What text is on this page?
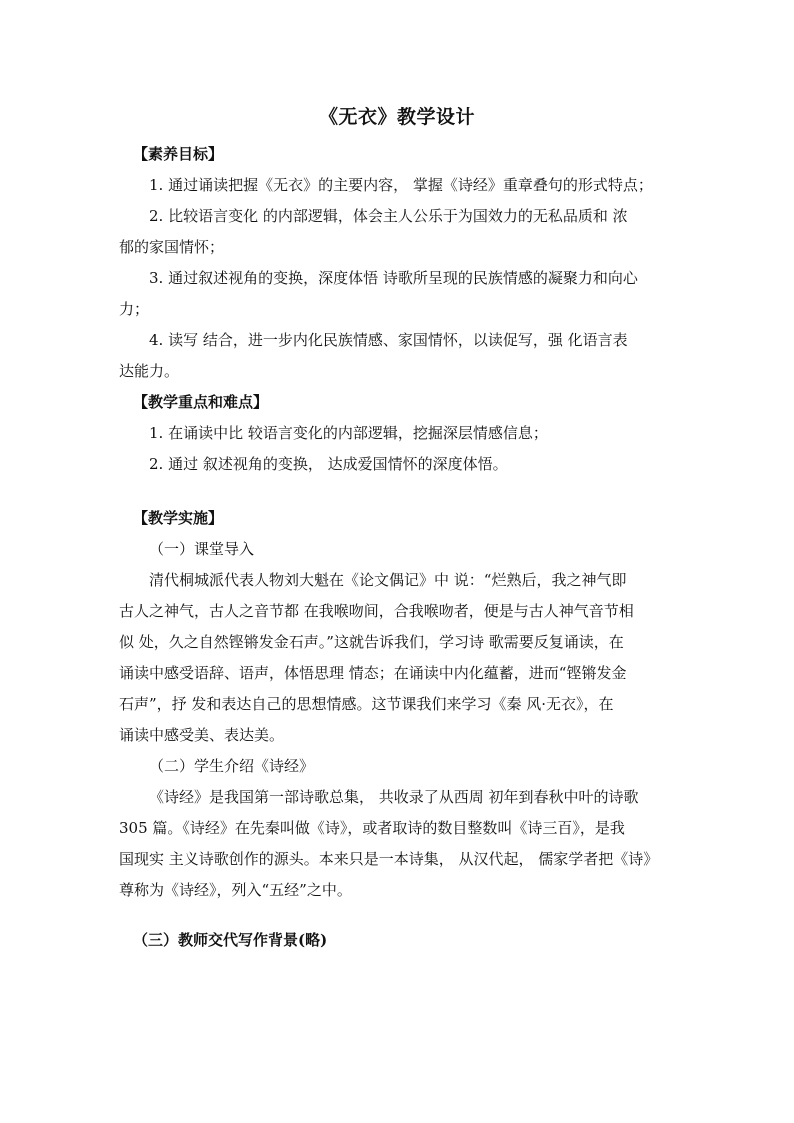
《无衣》教学设计
【素养目标】
1. 通过诵读把握《无衣》的主要内容， 掌握《诗经》重章叠句的形式特点；
2. 比较语言变化 的内部逻辑，体会主人公乐于为国效力的无私品质和 浓
郁的家国情怀；
3. 通过叙述视角的变换，深度体悟 诗歌所呈现的民族情感的凝聚力和向心
力；
4. 读写 结合，进一步内化民族情感、家国情怀，以读促写，强 化语言表
达能力。
【教学重点和难点】
1. 在诵读中比 较语言变化的内部逻辑，挖掘深层情感信息；
2. 通过 叙述视角的变换， 达成爱国情怀的深度体悟。
【教学实施】
（一）课堂导入
清代桐城派代表人物刘大魁在《论文偶记》中 说：“烂熟后，我之神气即
古人之神气，古人之音节都 在我喉吻间，合我喉吻者，便是与古人神气音节相
似 处，久之自然铿锵发金石声。”这就告诉我们，学习诗 歌需要反复诵读，在
诵读中感受语辞、语声，体悟思理 情态；在诵读中内化蕴蓄，进而“铿锵发金
石声”，抒 发和表达自己的思想情感。这节课我们来学习《秦 风·无衣》，在
诵读中感受美、表达美。
（二）学生介绍《诗经》
《诗经》是我国第一部诗歌总集， 共收录了从西周 初年到春秋中叶的诗歌
305 篇。《诗经》在先秦叫做《诗》，或者取诗的数目整数叫《诗三百》，是我
国现实 主义诗歌创作的源头。本来只是一本诗集， 从汉代起， 儒家学者把《诗》
尊称为《诗经》，列入“五经”之中。
（三）教师交代写作背景(略)
